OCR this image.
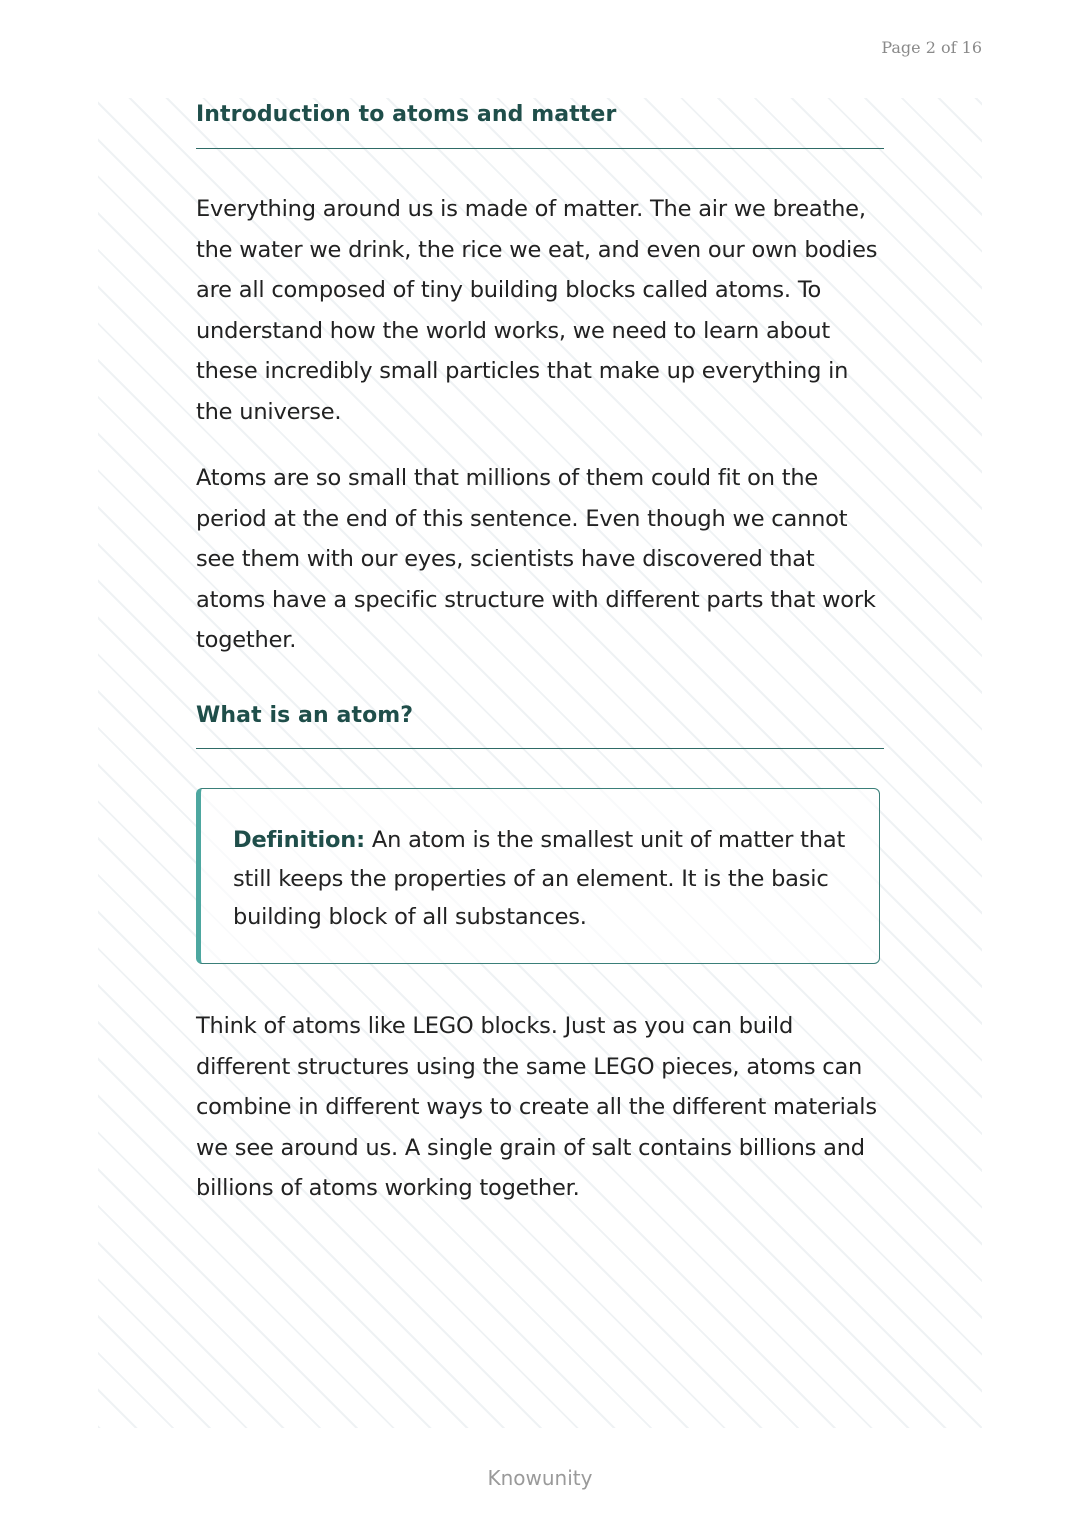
Page 2 of 16
Introduction to atoms and matter

Everything around us is made of matter. The air we breathe, the water we drink, the rice we eat, and even our own bodies are all composed of tiny building blocks called atoms. To understand how the world works, we need to learn about these incredibly small particles that make up everything in the universe.

Atoms are so small that millions of them could fit on the period at the end of this sentence. Even though we cannot see them with our eyes, scientists have discovered that atoms have a specific structure with different parts that work together.

What is an atom?

Definition: An atom is the smallest unit of matter that still keeps the properties of an element. It is the basic building block of all substances.

Think of atoms like LEGO blocks. Just as you can build different structures using the same LEGO pieces, atoms can combine in different ways to create all the different materials we see around us. A single grain of salt contains billions and billions of atoms working together.

Knowunity
